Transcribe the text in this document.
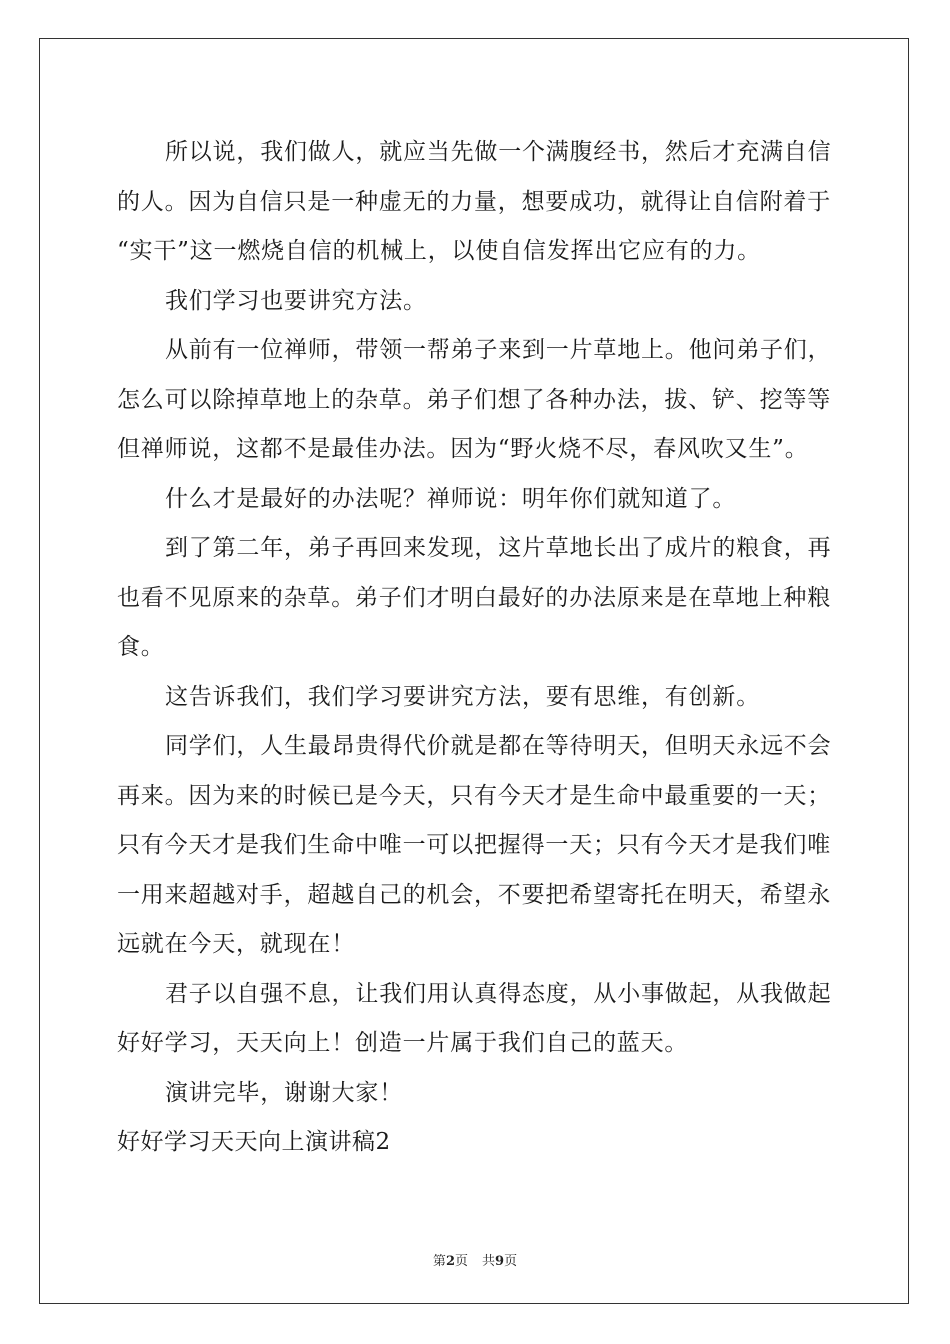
所以说，我们做人，就应当先做一个满腹经书，然后才充满自信
的人。因为自信只是一种虚无的力量，想要成功，就得让自信附着于
“实干”这一燃烧自信的机械上，以使自信发挥出它应有的力。
我们学习也要讲究方法。
从前有一位禅师，带领一帮弟子来到一片草地上。他问弟子们，
怎么可以除掉草地上的杂草。弟子们想了各种办法，拔、铲、挖等等
但禅师说，这都不是最佳办法。因为“野火烧不尽，春风吹又生”。
什么才是最好的办法呢？禅师说：明年你们就知道了。
到了第二年，弟子再回来发现，这片草地长出了成片的粮食，再
也看不见原来的杂草。弟子们才明白最好的办法原来是在草地上种粮
食。
这告诉我们，我们学习要讲究方法，要有思维，有创新。
同学们，人生最昂贵得代价就是都在等待明天，但明天永远不会
再来。因为来的时候已是今天，只有今天才是生命中最重要的一天；
只有今天才是我们生命中唯一可以把握得一天；只有今天才是我们唯
一用来超越对手，超越自己的机会，不要把希望寄托在明天，希望永
远就在今天，就现在！
君子以自强不息，让我们用认真得态度，从小事做起，从我做起
好好学习，天天向上！创造一片属于我们自己的蓝天。
演讲完毕，谢谢大家！
好好学习天天向上演讲稿2
第2页 共9页
